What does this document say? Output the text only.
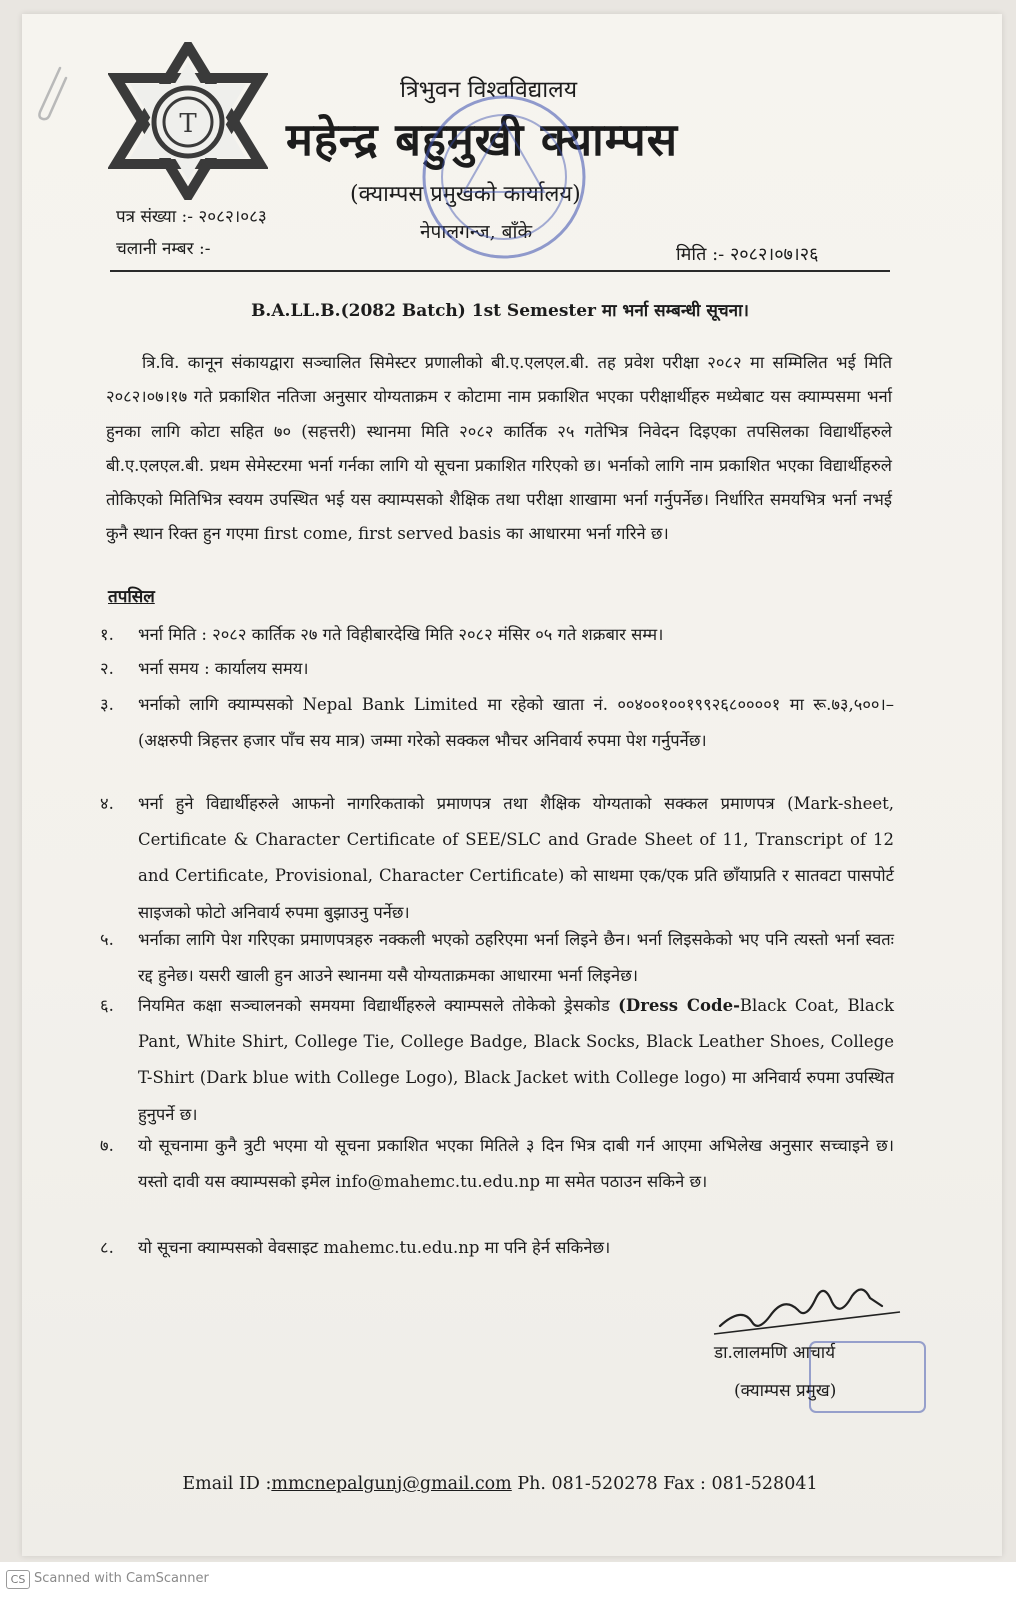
T
त्रिभुवन विश्वविद्यालय
महेन्द्र बहुमुखी क्याम्पस
(क्याम्पस प्रमुखको कार्यालय)
नेपालगन्ज, बाँके
पत्र संख्या :- २०८२।०८३
चलानी नम्बर :-	मिति :- २०८२।०७।२६
B.A.LL.B.(2082 Batch) 1st Semester मा भर्ना सम्बन्धी सूचना।
त्रि.वि. कानून संकायद्वारा सञ्चालित सिमेस्टर प्रणालीको बी.ए.एलएल.बी. तह प्रवेश परीक्षा २०८२ मा सम्मिलित भई मिति २०८२।०७।१७ गते प्रकाशित नतिजा अनुसार योग्यताक्रम र कोटामा नाम प्रकाशित भएका परीक्षार्थीहरु मध्येबाट यस क्याम्पसमा भर्ना हुनका लागि कोटा सहित ७० (सहत्तरी) स्थानमा मिति २०८२ कार्तिक २५ गतेभित्र निवेदन दिइएका तपसिलका विद्यार्थीहरुले बी.ए.एलएल.बी. प्रथम सेमेस्टरमा भर्ना गर्नका लागि यो सूचना प्रकाशित गरिएको छ। भर्नाको लागि नाम प्रकाशित भएका विद्यार्थीहरुले तोकिएको मितिभित्र स्वयम उपस्थित भई यस क्याम्पसको शैक्षिक तथा परीक्षा शाखामा भर्ना गर्नुपर्नेछ। निर्धारित समयभित्र भर्ना नभई कुनै स्थान रिक्त हुन गएमा first come, first served basis का आधारमा भर्ना गरिने छ।
तपसिल
१.	भर्ना मिति : २०८२ कार्तिक २७ गते विहीबारदेखि मिति २०८२ मंसिर ०५ गते शक्रबार सम्म।
२.	भर्ना समय : कार्यालय समय।
३.	भर्नाको लागि क्याम्पसको Nepal Bank Limited मा रहेको खाता नं. ००४००१००१९९२६८००००१ मा रू.७३,५००।– (अक्षरुपी त्रिहत्तर हजार पाँच सय मात्र) जम्मा गरेको सक्कल भौचर अनिवार्य रुपमा पेश गर्नुपर्नेछ।
४.	भर्ना हुने विद्यार्थीहरुले आफनो नागरिकताको प्रमाणपत्र तथा शैक्षिक योग्यताको सक्कल प्रमाणपत्र (Mark-sheet, Certificate & Character Certificate of SEE/SLC and Grade Sheet of 11, Transcript of 12 and Certificate, Provisional, Character Certificate) को साथमा एक/एक प्रति छाँयाप्रति र सातवटा पासपोर्ट साइजको फोटो अनिवार्य रुपमा बुझाउनु पर्नेछ।
५.	भर्नाका लागि पेश गरिएका प्रमाणपत्रहरु नक्कली भएको ठहरिएमा भर्ना लिइने छैन। भर्ना लिइसकेको भए पनि त्यस्तो भर्ना स्वतः रद्द हुनेछ। यसरी खाली हुन आउने स्थानमा यसै योग्यताक्रमका आधारमा भर्ना लिइनेछ।
६.	नियमित कक्षा सञ्चालनको समयमा विद्यार्थीहरुले क्याम्पसले तोकेको ड्रेसकोड (Dress Code-Black Coat, Black Pant, White Shirt, College Tie, College Badge, Black Socks, Black Leather Shoes, College T-Shirt (Dark blue with College Logo), Black Jacket with College logo) मा अनिवार्य रुपमा उपस्थित हुनुपर्ने छ।
७.	यो सूचनामा कुनै त्रुटी भएमा यो सूचना प्रकाशित भएका मितिले ३ दिन भित्र दाबी गर्न आएमा अभिलेख अनुसार सच्चाइने छ। यस्तो दावी यस क्याम्पसको इमेल info@mahemc.tu.edu.np मा समेत पठाउन सकिने छ।
८.	यो सूचना क्याम्पसको वेवसाइट mahemc.tu.edu.np मा पनि हेर्न सकिनेछ।
डा.लालमणि आचार्य
(क्याम्पस प्रमुख)
Email ID :mmcnepalgunj@gmail.com Ph. 081-520278 Fax : 081-528041
CS Scanned with CamScanner
